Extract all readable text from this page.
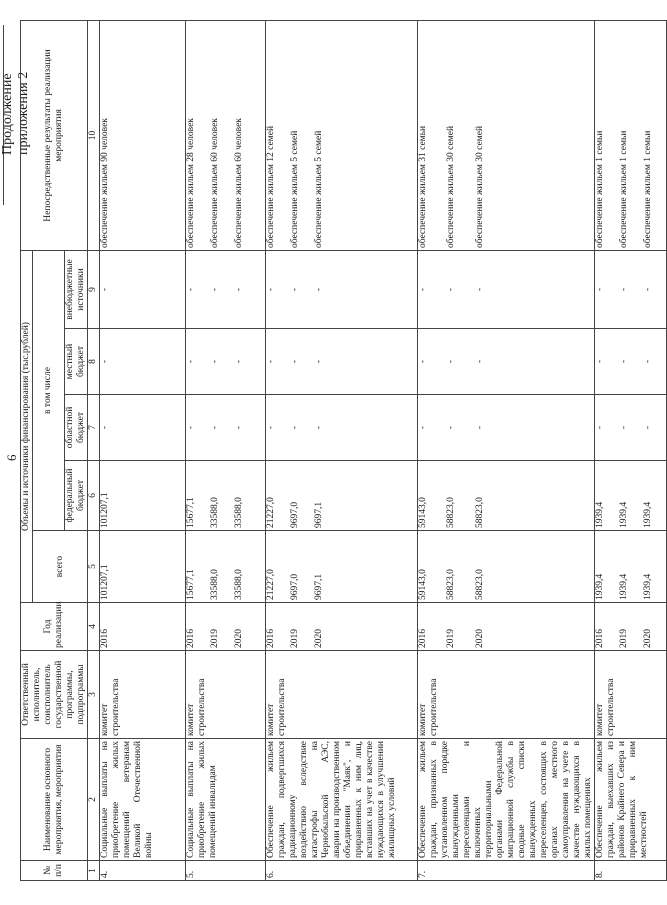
6
Продолжение приложения 2
№ п/п	Наименование основного мероприятия, мероприятия	Ответственный исполнитель, соисполнитель государственной программы, подпрограммы	Год реализации	Объемы и источники финансирования (тыс.рублей)					Непосредственные результаты реализации мероприятия
				всего	в том числе				
					федеральный бюджет	областной бюджет	местный бюджет	внебюджетные источники	
1	2	3	4	5	6	7	8	9	10
4.	Социальные выплаты на приобретение жилых помещений ветеранам Великой Отечественной войны	комитет строительства	2016	101207,1	101207,1	-	-	-	обеспечение жильем 90 человек
5.	Социальные выплаты на приобретение жилых помещений инвалидам	комитет строительства	2016	15677,1	15677,1	-	-	-	обеспечение жильем 28 человек
			2019	33588,0	33588,0	-	-	-	обеспечение жильем 60 человек
			2020	33588,0	33588,0	-	-	-	обеспечение жильем 60 человек
6.	Обеспечение жильем граждан, подвергшихся радиационному воздействию вследствие катастрофы на Чернобыльской АЭС, аварии на производственном объединении "Маяк", и приравненных к ним лиц, вставших на учет в качестве нуждающихся в улучшении жилищных условий	комитет строительства	2016	21227,0	21227,0	-	-	-	обеспечение жильем 12 семей
			2019	9697,0	9697,0	-	-	-	обеспечение жильем 5 семей
			2020	9697,1	9697,1	-	-	-	обеспечение жильем 5 семей
7.	Обеспечение жильем граждан, признанных в установленном порядке вынужденными переселенцами и включенных территориальными органами Федеральной миграционной службы в сводные списки вынужденных переселенцев, состоящих в органах местного самоуправления на учете в качестве нуждающихся в жилых помещениях	комитет строительства	2016	59143,0	59143,0	-	-	-	обеспечение жильем 31 семьи
			2019	58823,0	58823,0	-	-	-	обеспечение жильем 30 семей
			2020	58823,0	58823,0	-	-	-	обеспечение жильем 30 семей
8.	Обеспечение жильем граждан, выехавших из районов Крайнего Севера и приравненных к ним местностей	комитет строительства	2016	1939,4	1939,4	-	-	-	обеспечение жильем 1 семьи
			2019	1939,4	1939,4	-	-	-	обеспечение жильем 1 семьи
			2020	1939,4	1939,4	-	-	-	обеспечение жильем 1 семьи
